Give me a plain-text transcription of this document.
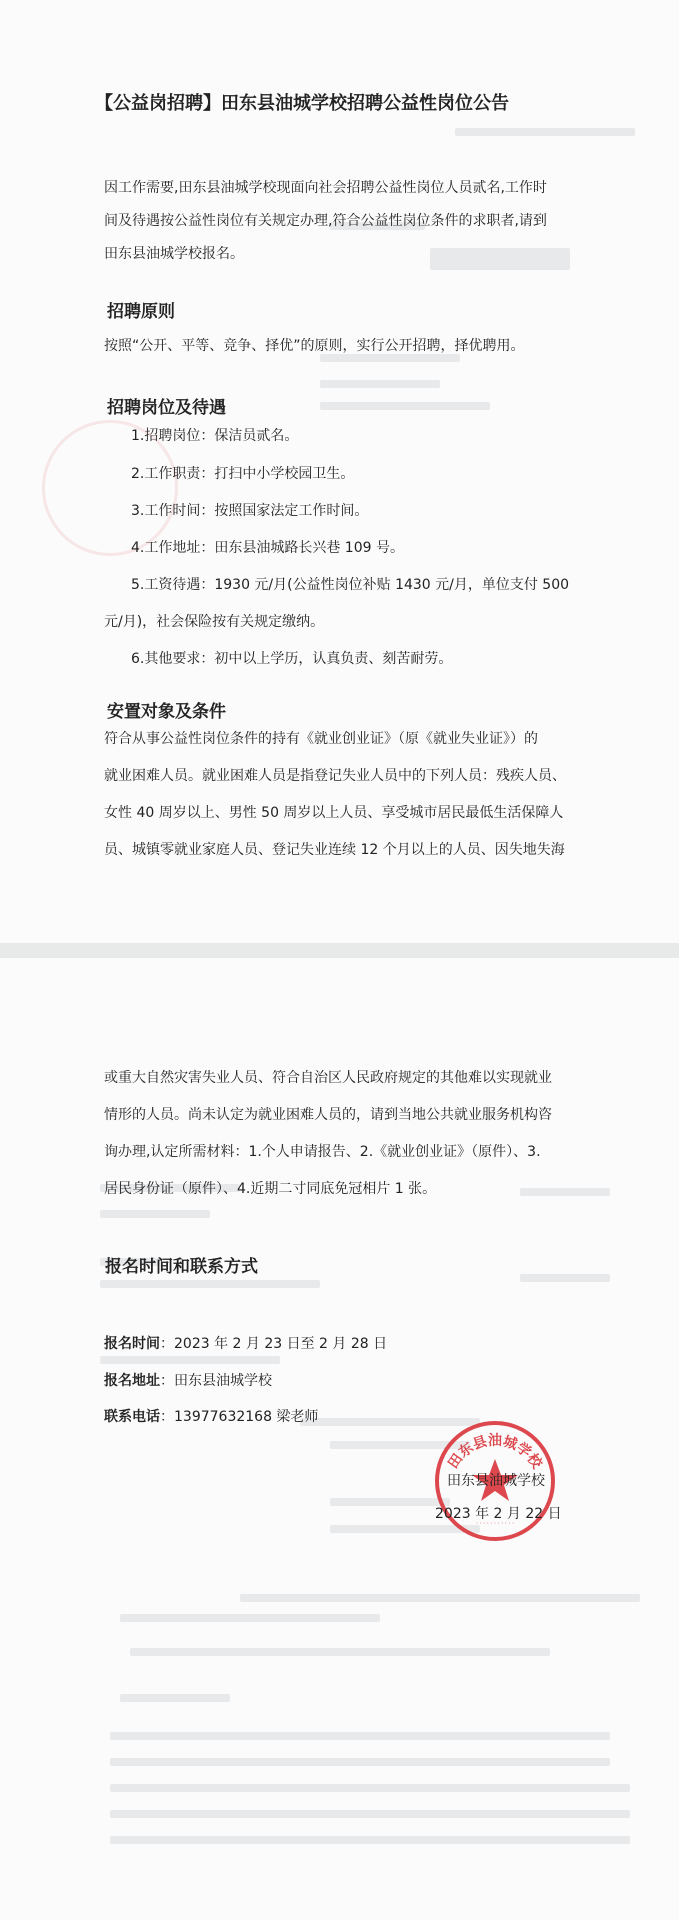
【公益岗招聘】田东县油城学校招聘公益性岗位公告
因工作需要,田东县油城学校现面向社会招聘公益性岗位人员贰名,工作时
间及待遇按公益性岗位有关规定办理,符合公益性岗位条件的求职者,请到
田东县油城学校报名。
招聘原则
按照“公开、平等、竞争、择优”的原则，实行公开招聘，择优聘用。
招聘岗位及待遇
1.招聘岗位：保洁员贰名。
2.工作职责：打扫中小学校园卫生。
3.工作时间：按照国家法定工作时间。
4.工作地址：田东县油城路长兴巷 109 号。
5.工资待遇：1930 元/月(公益性岗位补贴 1430 元/月，单位支付 500
元/月)，社会保险按有关规定缴纳。
6.其他要求：初中以上学历，认真负责、刻苦耐劳。
安置对象及条件
符合从事公益性岗位条件的持有《就业创业证》（原《就业失业证》）的
就业困难人员。就业困难人员是指登记失业人员中的下列人员：残疾人员、
女性 40 周岁以上、男性 50 周岁以上人员、享受城市居民最低生活保障人
员、城镇零就业家庭人员、登记失业连续 12 个月以上的人员、因失地失海
或重大自然灾害失业人员、符合自治区人民政府规定的其他难以实现就业
情形的人员。尚未认定为就业困难人员的，请到当地公共就业服务机构咨
询办理,认定所需材料：1.个人申请报告、2.《就业创业证》（原件）、3.
居民身份证（原件）、4.近期二寸同底免冠相片 1 张。
报名时间和联系方式
报名时间：2023 年 2 月 23 日至 2 月 28 日
报名地址：田东县油城学校
联系电话：13977632168 梁老师
田东县油城学校
···········
田东县油城学校
2023 年 2 月 22 日
